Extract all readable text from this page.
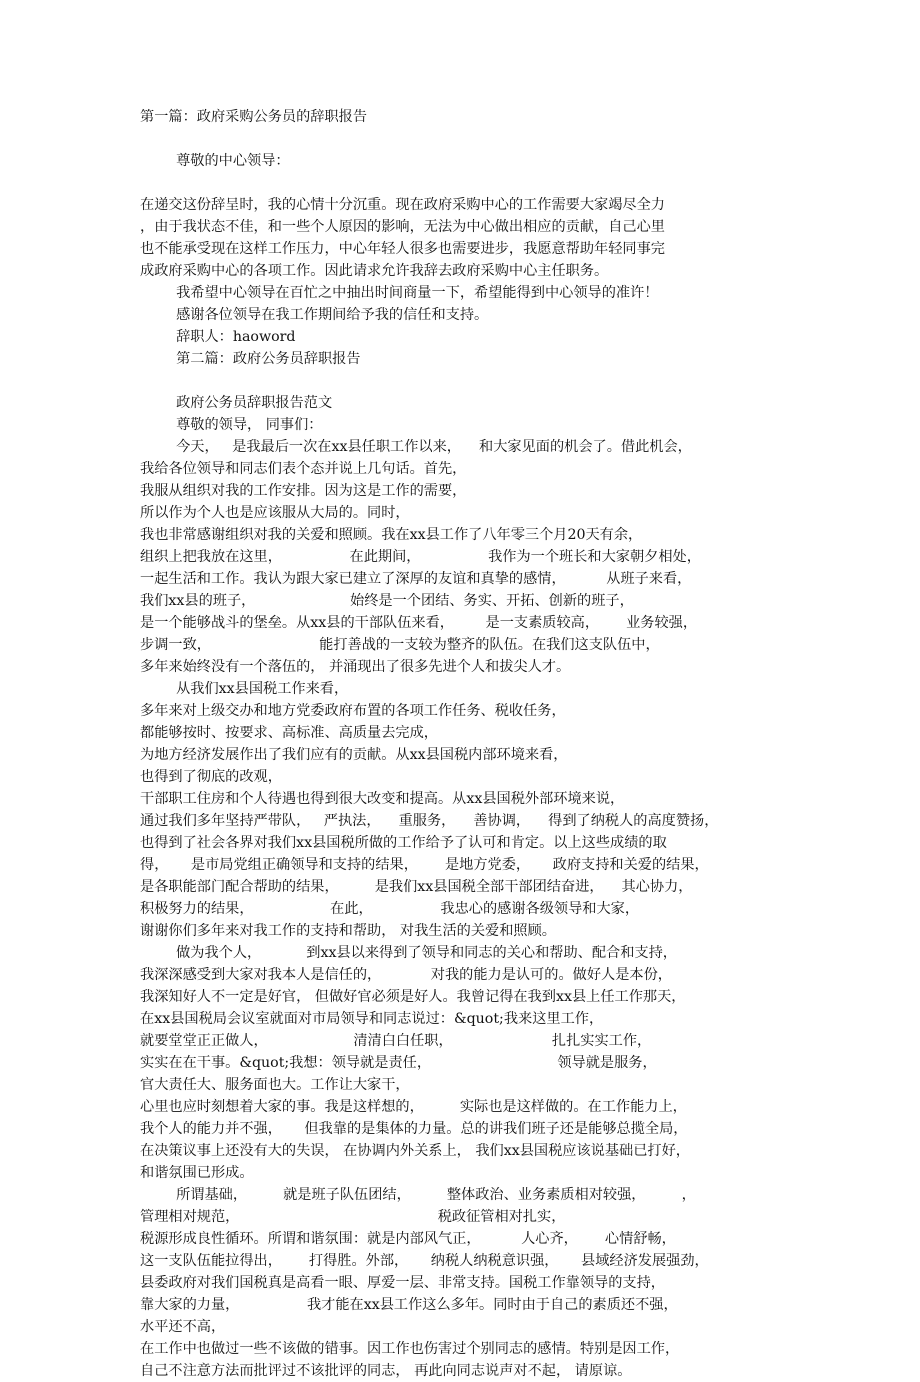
第一篇：政府采购公务员的辞职报告
尊敬的中心领导：
在递交这份辞呈时，我的心情十分沉重。现在政府采购中心的工作需要大家竭尽全力
，由于我状态不佳，和一些个人原因的影响，无法为中心做出相应的贡献，自己心里
也不能承受现在这样工作压力，中心年轻人很多也需要进步，我愿意帮助年轻同事完
成政府采购中心的各项工作。因此请求允许我辞去政府采购中心主任职务。
我希望中心领导在百忙之中抽出时间商量一下，希望能得到中心领导的准许！
感谢各位领导在我工作期间给予我的信任和支持。
辞职人：haoword
第二篇：政府公务员辞职报告
政府公务员辞职报告范文
尊敬的领导， 同事们：
今天，   是我最后一次在xx县任职工作以来，    和大家见面的机会了。借此机会，
我给各位领导和同志们表个态并说上几句话。首先，
我服从组织对我的工作安排。因为这是工作的需要，
所以作为个人也是应该服从大局的。同时，
我也非常感谢组织对我的关爱和照顾。我在xx县工作了八年零三个月20天有余，
组织上把我放在这里，               在此期间，               我作为一个班长和大家朝夕相处，
一起生活和工作。我认为跟大家已建立了深厚的友谊和真挚的感情，         从班子来看，
我们xx县的班子，                     始终是一个团结、务实、开拓、创新的班子，
是一个能够战斗的堡垒。从xx县的干部队伍来看，       是一支素质较高，      业务较强，
步调一致，                        能打善战的一支较为整齐的队伍。在我们这支队伍中，
多年来始终没有一个落伍的， 并涌现出了很多先进个人和拔尖人才。
从我们xx县国税工作来看，
多年来对上级交办和地方党委政府布置的各项工作任务、税收任务，
都能够按时、按要求、高标准、高质量去完成，
为地方经济发展作出了我们应有的贡献。从xx县国税内部环境来看，
也得到了彻底的改观，
干部职工住房和个人待遇也得到很大改变和提高。从xx县国税外部环境来说，
通过我们多年坚持严带队，   严执法，    重服务，    善协调，    得到了纳税人的高度赞扬，
也得到了社会各界对我们xx县国税所做的工作给予了认可和肯定。以上这些成绩的取
得，     是市局党组正确领导和支持的结果，      是地方党委，     政府支持和关爱的结果，
是各职能部门配合帮助的结果，        是我们xx县国税全部干部团结奋进，    其心协力，
积极努力的结果，                 在此，               我忠心的感谢各级领导和大家，
谢谢你们多年来对我工作的支持和帮助， 对我生活的关爱和照顾。
做为我个人，          到xx县以来得到了领导和同志的关心和帮助、配合和支持，
我深深感受到大家对我本人是信任的，           对我的能力是认可的。做好人是本份，
我深知好人不一定是好官， 但做好官必须是好人。我曾记得在我到xx县上任工作那天，
在xx县国税局会议室就面对市局领导和同志说过：&quot;我来这里工作，
就要堂堂正正做人，                   清清白白任职，                      扎扎实实工作，
实实在在干事。&quot;我想：领导就是责任，                            领导就是服务，
官大责任大、服务面也大。工作让大家干，
心里也应时刻想着大家的事。我是这样想的，        实际也是这样做的。在工作能力上，
我个人的能力并不强，     但我靠的是集体的力量。总的讲我们班子还是能够总揽全局，
在决策议事上还没有大的失误， 在协调内外关系上， 我们xx县国税应该说基础已打好，
和谐氛围已形成。
所谓基础，        就是班子队伍团结，        整体政治、业务素质相对较强，        ，
管理相对规范，                                            税政征管相对扎实，
税源形成良性循环。所谓和谐氛围：就是内部风气正，         人心齐，      心情舒畅，
这一支队伍能拉得出，      打得胜。外部，     纳税人纳税意识强，     县域经济发展强劲，
县委政府对我们国税真是高看一眼、厚爱一层、非常支持。国税工作靠领导的支持，
靠大家的力量，               我才能在xx县工作这么多年。同时由于自己的素质还不强，
水平还不高，
在工作中也做过一些不该做的错事。因工作也伤害过个别同志的感情。特别是因工作，
自己不注意方法而批评过不该批评的同志， 再此向同志说声对不起， 请原谅。
